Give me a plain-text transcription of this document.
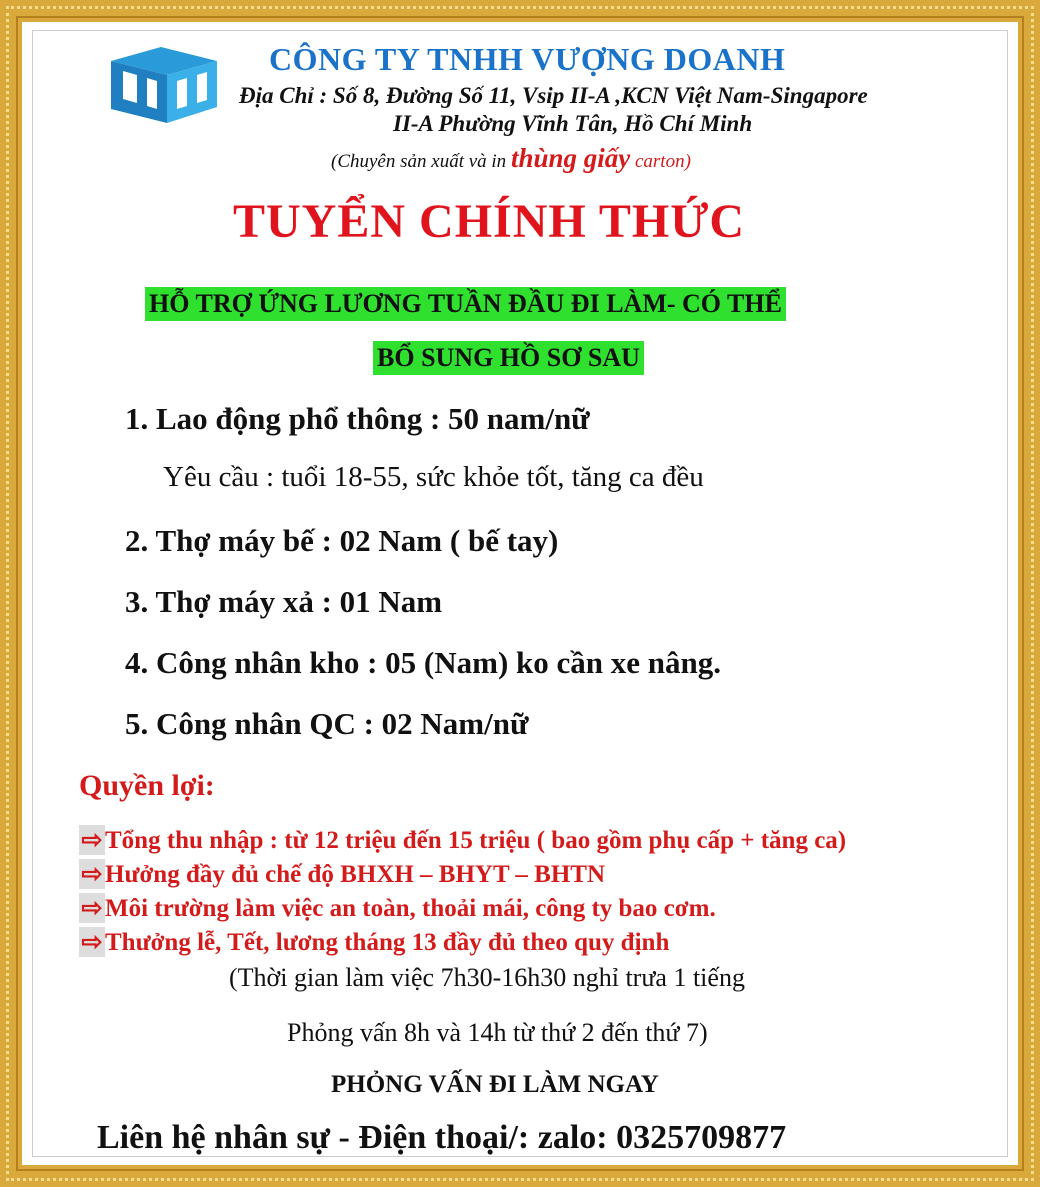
CÔNG TY TNHH VƯỢNG DOANH
Địa Chỉ : Số 8, Đường Số 11, Vsip II-A ,KCN Việt Nam-Singapore
II-A Phường Vĩnh Tân, Hồ Chí Minh
(Chuyên sản xuất và in thùng giấy carton)
TUYỂN CHÍNH THỨC
HỖ TRỢ ỨNG LƯƠNG TUẦN ĐẦU ĐI LÀM- CÓ THỂ
BỔ SUNG HỒ SƠ SAU
1. Lao động phổ thông : 50 nam/nữ
Yêu cầu : tuổi 18-55, sức khỏe tốt, tăng ca đều
2. Thợ máy bế : 02 Nam ( bế tay)
3. Thợ máy xả : 01 Nam
4. Công nhân kho : 05 (Nam) ko cần xe nâng.
5. Công nhân QC : 02 Nam/nữ
Quyền lợi:
⇨ Tổng thu nhập : từ 12 triệu đến 15 triệu ( bao gồm phụ cấp + tăng ca)
⇨ Hưởng đầy đủ chế độ BHXH – BHYT – BHTN
⇨ Môi trường làm việc an toàn, thoải mái, công ty bao cơm.
⇨ Thưởng lễ, Tết, lương tháng 13 đầy đủ theo quy định
(Thời gian làm việc 7h30-16h30 nghỉ trưa 1 tiếng
Phỏng vấn 8h và 14h từ thứ 2 đến thứ 7)
PHỎNG VẤN ĐI LÀM NGAY
Liên hệ nhân sự - Điện thoại/: zalo: 0325709877
